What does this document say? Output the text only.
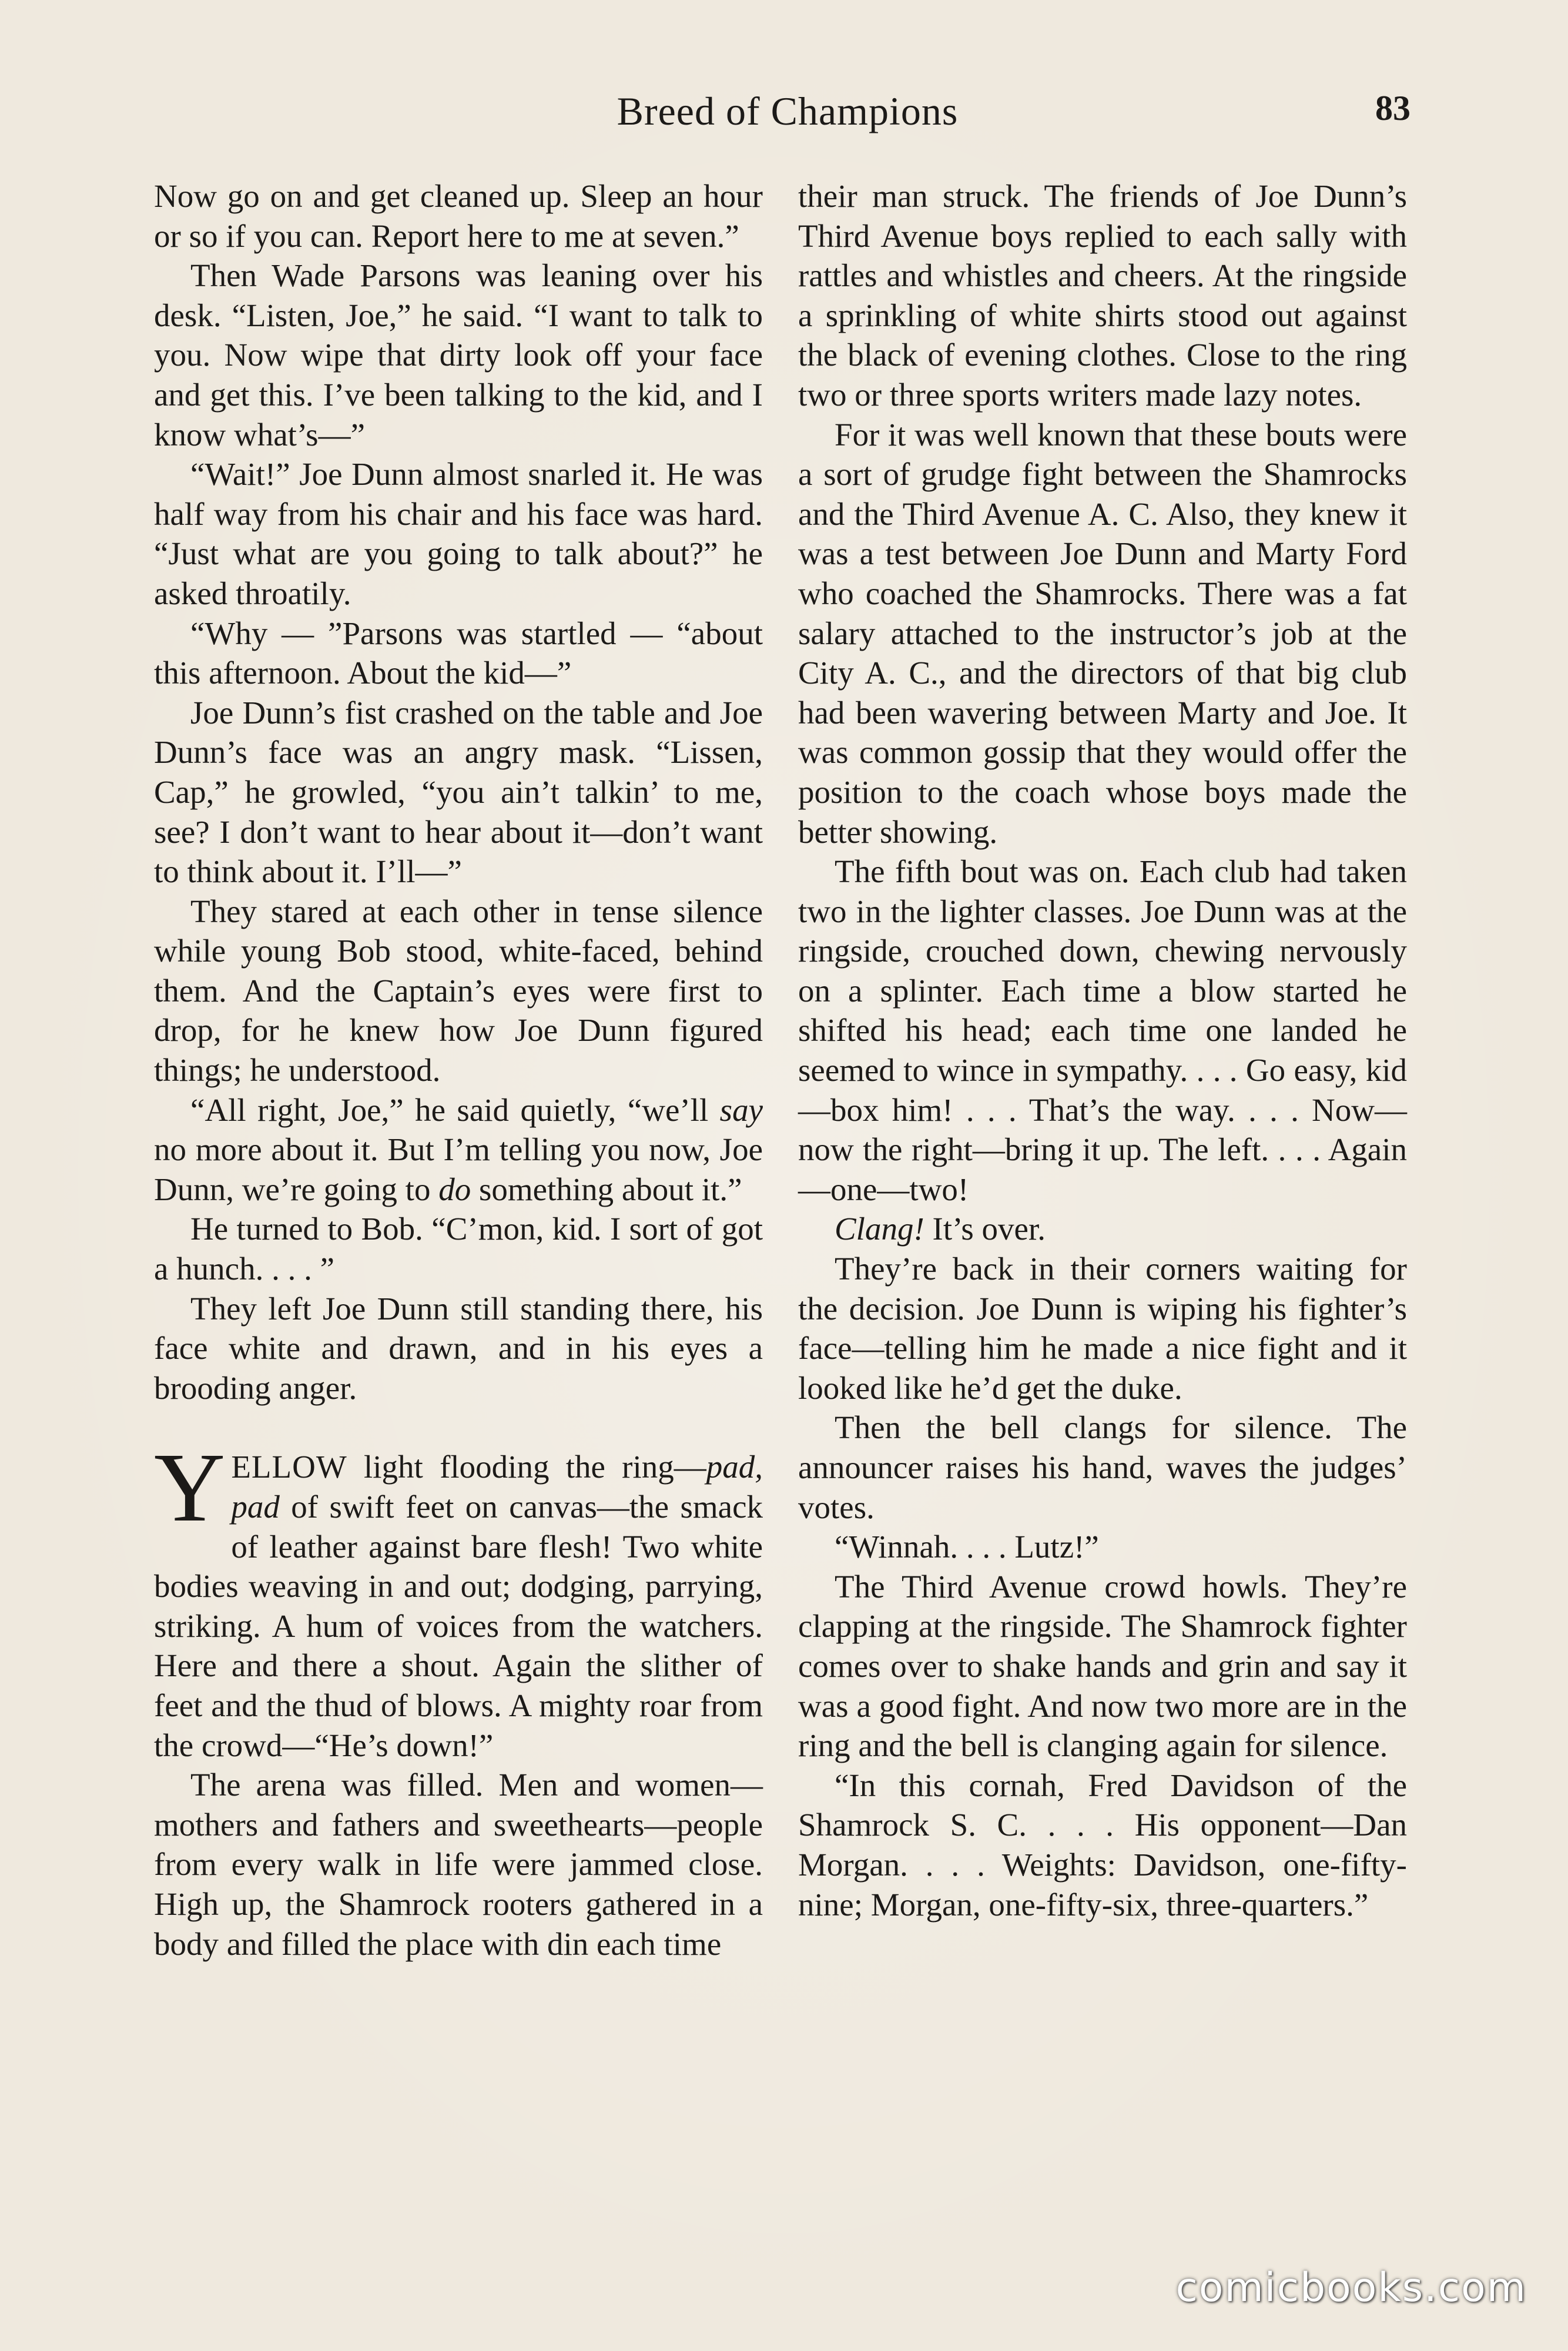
Breed of Champions	83

Now go on and get cleaned up. Sleep an hour or so if you can. Report here to me at seven.”

Then Wade Parsons was leaning over his desk. “Listen, Joe,” he said. “I want to talk to you. Now wipe that dirty look off your face and get this. I’ve been talking to the kid, and I know what’s—”

“Wait!” Joe Dunn almost snarled it. He was half way from his chair and his face was hard. “Just what are you going to talk about?” he asked throatily.

“Why — ”Parsons was startled — “about this afternoon. About the kid—”

Joe Dunn’s fist crashed on the table and Joe Dunn’s face was an angry mask. “Lissen, Cap,” he growled, “you ain’t talkin’ to me, see? I don’t want to hear about it—don’t want to think about it. I’ll—”

They stared at each other in tense silence while young Bob stood, white-faced, behind them. And the Captain’s eyes were first to drop, for he knew how Joe Dunn figured things; he understood.

“All right, Joe,” he said quietly, “we’ll say no more about it. But I’m telling you now, Joe Dunn, we’re going to do something about it.”

He turned to Bob. “C’mon, kid. I sort of got a hunch. . . . ”

They left Joe Dunn still standing there, his face white and drawn, and in his eyes a brooding anger.

YELLOW light flooding the ring—pad, pad of swift feet on canvas—the smack of leather against bare flesh! Two white bodies weaving in and out; dodging, parrying, striking. A hum of voices from the watchers. Here and there a shout. Again the slither of feet and the thud of blows. A mighty roar from the crowd—“He’s down!”

The arena was filled. Men and women—mothers and fathers and sweethearts—people from every walk in life were jammed close. High up, the Shamrock rooters gathered in a body and filled the place with din each time

their man struck. The friends of Joe Dunn’s Third Avenue boys replied to each sally with rattles and whistles and cheers. At the ringside a sprinkling of white shirts stood out against the black of evening clothes. Close to the ring two or three sports writers made lazy notes.

For it was well known that these bouts were a sort of grudge fight between the Shamrocks and the Third Avenue A. C. Also, they knew it was a test between Joe Dunn and Marty Ford who coached the Shamrocks. There was a fat salary attached to the instructor’s job at the City A. C., and the directors of that big club had been wavering between Marty and Joe. It was common gossip that they would offer the position to the coach whose boys made the better showing.

The fifth bout was on. Each club had taken two in the lighter classes. Joe Dunn was at the ringside, crouched down, chewing nervously on a splinter. Each time a blow started he shifted his head; each time one landed he seemed to wince in sympathy. . . . Go easy, kid—box him! . . . That’s the way. . . . Now—now the right—bring it up. The left. . . . Again—one—two!

Clang! It’s over.

They’re back in their corners waiting for the decision. Joe Dunn is wiping his fighter’s face—telling him he made a nice fight and it looked like he’d get the duke.

Then the bell clangs for silence. The announcer raises his hand, waves the judges’ votes.

“Winnah. . . . Lutz!”

The Third Avenue crowd howls. They’re clapping at the ringside. The Shamrock fighter comes over to shake hands and grin and say it was a good fight. And now two more are in the ring and the bell is clanging again for silence.

“In this cornah, Fred Davidson of the Shamrock S. C. . . . His opponent—Dan Morgan. . . . Weights: Davidson, one-fifty-nine; Morgan, one-fifty-six, three-quarters.”

comicbooks.com
